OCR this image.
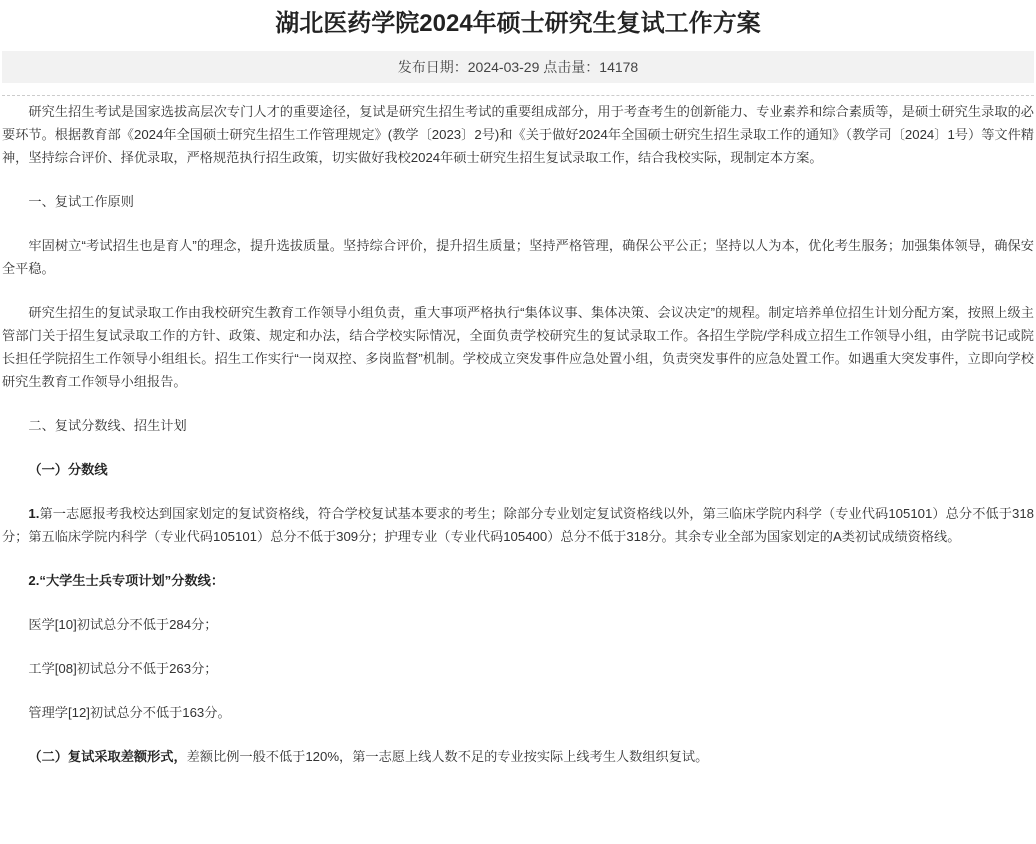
湖北医药学院2024年硕士研究生复试工作方案
发布日期：2024-03-29 点击量：14178

研究生招生考试是国家选拔高层次专门人才的重要途径，复试是研究生招生考试的重要组成部分，用于考查考生的创新能力、专业素养和综合素质等，是硕士研究生录取的必要环节。根据教育部《2024年全国硕士研究生招生工作管理规定》(教学〔2023〕2号)和《关于做好2024年全国硕士研究生招生录取工作的通知》（教学司〔2024〕1号）等文件精神，坚持综合评价、择优录取，严格规范执行招生政策，切实做好我校2024年硕士研究生招生复试录取工作，结合我校实际，现制定本方案。

一、复试工作原则

牢固树立“考试招生也是育人”的理念，提升选拔质量。坚持综合评价，提升招生质量；坚持严格管理，确保公平公正；坚持以人为本，优化考生服务；加强集体领导，确保安全平稳。

研究生招生的复试录取工作由我校研究生教育工作领导小组负责，重大事项严格执行“集体议事、集体决策、会议决定”的规程。制定培养单位招生计划分配方案，按照上级主管部门关于招生复试录取工作的方针、政策、规定和办法，结合学校实际情况，全面负责学校研究生的复试录取工作。各招生学院/学科成立招生工作领导小组，由学院书记或院长担任学院招生工作领导小组组长。招生工作实行“一岗双控、多岗监督”机制。学校成立突发事件应急处置小组，负责突发事件的应急处置工作。如遇重大突发事件，立即向学校研究生教育工作领导小组报告。

二、复试分数线、招生计划

（一）分数线

1.第一志愿报考我校达到国家划定的复试资格线，符合学校复试基本要求的考生；除部分专业划定复试资格线以外，第三临床学院内科学（专业代码105101）总分不低于318分；第五临床学院内科学（专业代码105101）总分不低于309分；护理专业（专业代码105400）总分不低于318分。其余专业全部为国家划定的A类初试成绩资格线。

2.“大学生士兵专项计划”分数线：

医学[10]初试总分不低于284分；

工学[08]初试总分不低于263分；

管理学[12]初试总分不低于163分。

（二）复试采取差额形式，差额比例一般不低于120%，第一志愿上线人数不足的专业按实际上线考生人数组织复试。
